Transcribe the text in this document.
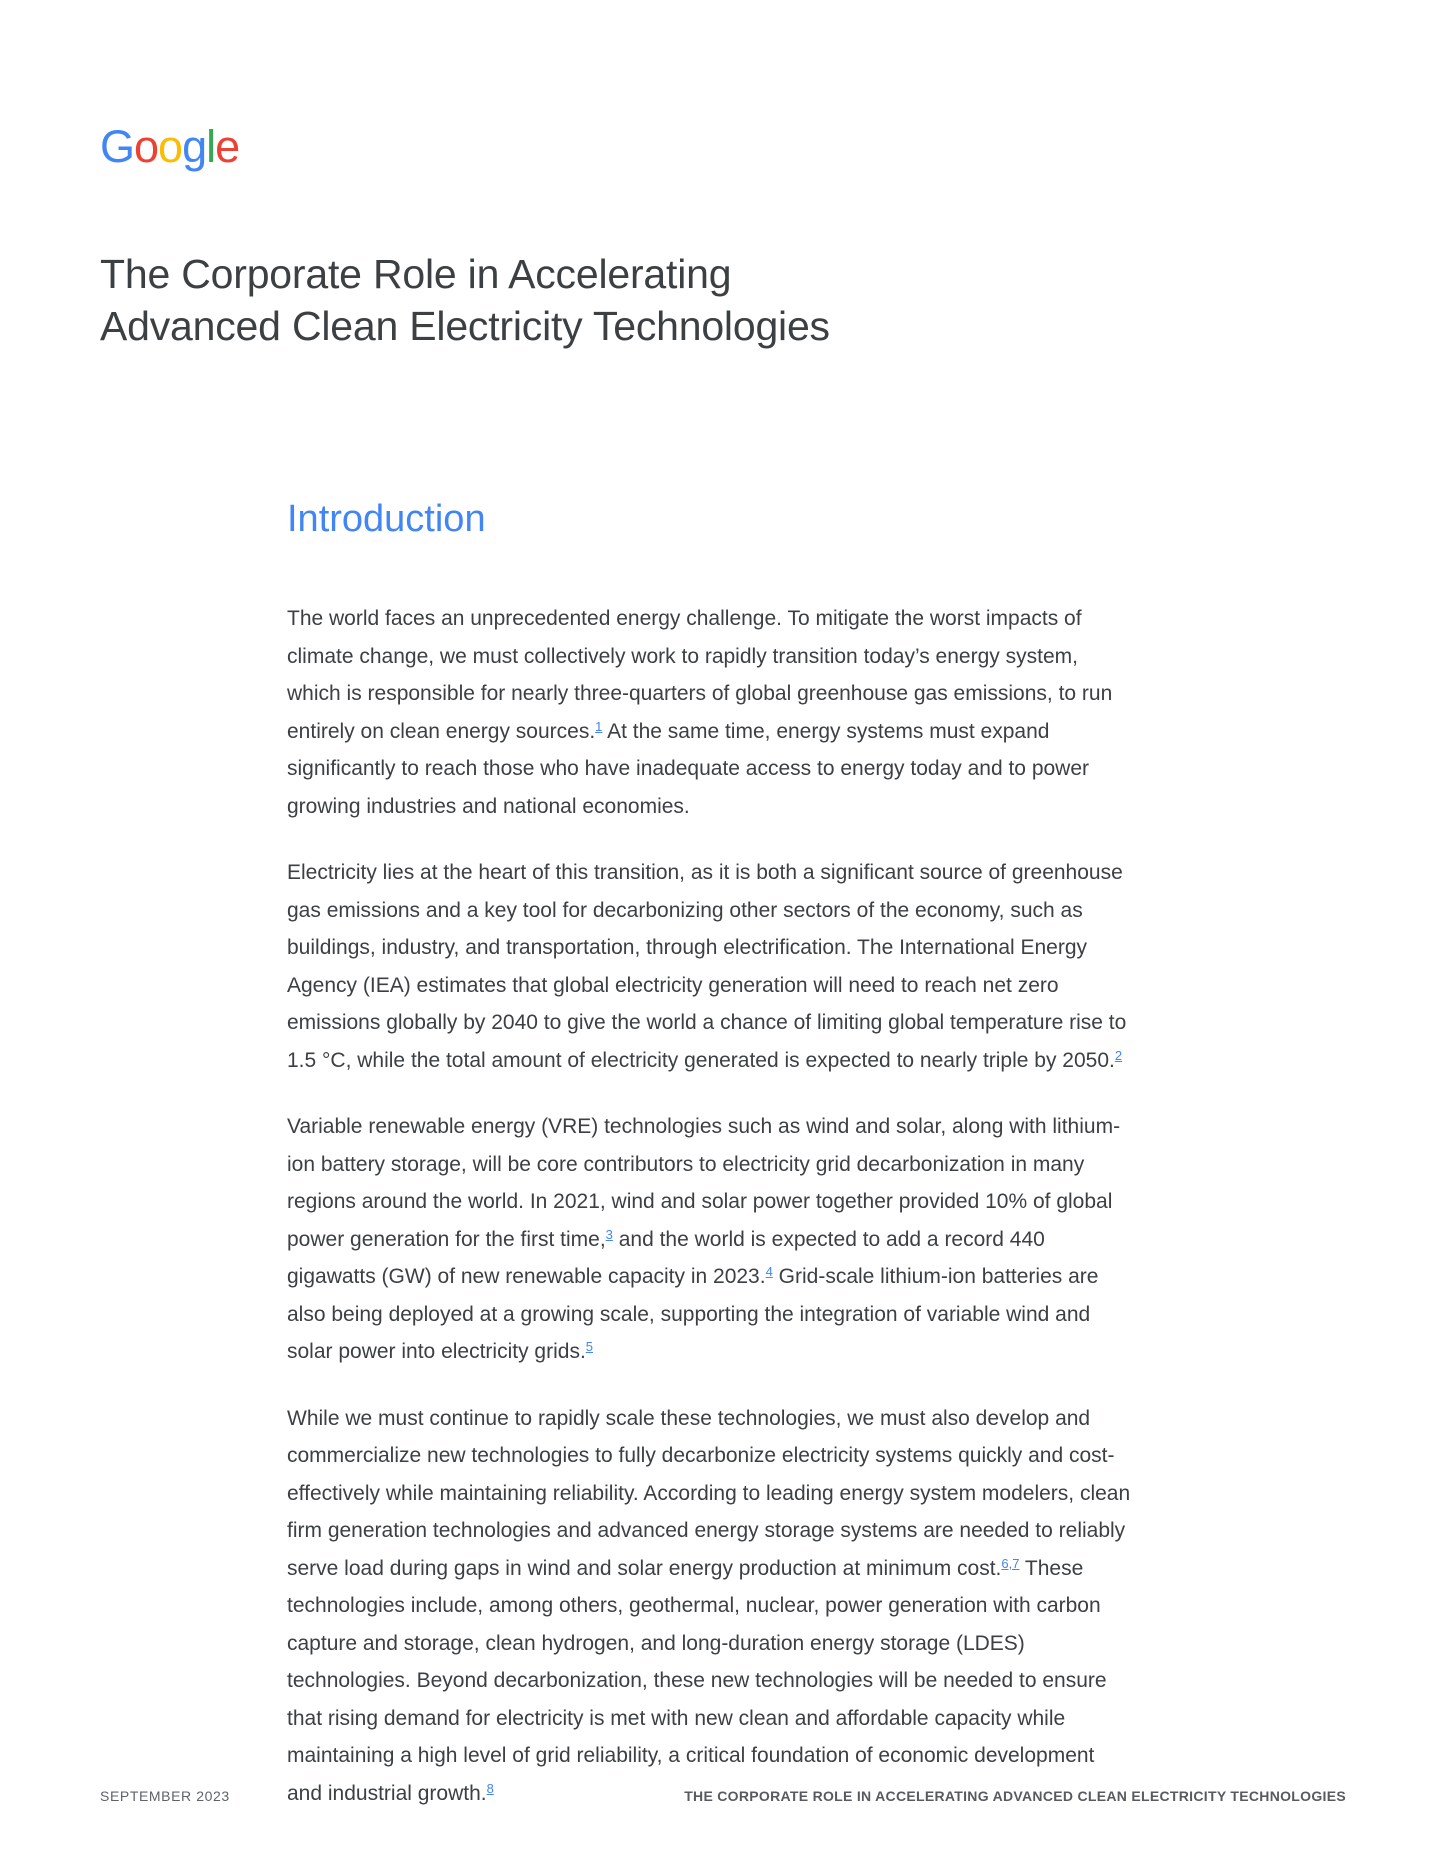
Google
The Corporate Role in Accelerating
Advanced Clean Electricity Technologies
Introduction

The world faces an unprecedented energy challenge. To mitigate the worst impacts of climate change, we must collectively work to rapidly transition today’s energy system, which is responsible for nearly three-quarters of global greenhouse gas emissions, to run entirely on clean energy sources.$^1$ At the same time, energy systems must expand significantly to reach those who have inadequate access to energy today and to power growing industries and national economies.

Electricity lies at the heart of this transition, as it is both a significant source of greenhouse gas emissions and a key tool for decarbonizing other sectors of the economy, such as buildings, industry, and transportation, through electrification. The International Energy Agency (IEA) estimates that global electricity generation will need to reach net zero emissions globally by 2040 to give the world a chance of limiting global temperature rise to 1.5 °C, while the total amount of electricity generated is expected to nearly triple by 2050.$^2$

Variable renewable energy (VRE) technologies such as wind and solar, along with lithium-ion battery storage, will be core contributors to electricity grid decarbonization in many regions around the world. In 2021, wind and solar power together provided 10% of global power generation for the first time,$^3$ and the world is expected to add a record 440 gigawatts (GW) of new renewable capacity in 2023.$^4$ Grid-scale lithium-ion batteries are also being deployed at a growing scale, supporting the integration of variable wind and solar power into electricity grids.$^5$

While we must continue to rapidly scale these technologies, we must also develop and commercialize new technologies to fully decarbonize electricity systems quickly and cost-effectively while maintaining reliability. According to leading energy system modelers, clean firm generation technologies and advanced energy storage systems are needed to reliably serve load during gaps in wind and solar energy production at minimum cost.$^{6,7}$ These technologies include, among others, geothermal, nuclear, power generation with carbon capture and storage, clean hydrogen, and long-duration energy storage (LDES) technologies. Beyond decarbonization, these new technologies will be needed to ensure that rising demand for electricity is met with new clean and affordable capacity while maintaining a high level of grid reliability, a critical foundation of economic development and industrial growth.$^8$

SEPTEMBER 2023	THE CORPORATE ROLE IN ACCELERATING ADVANCED CLEAN ELECTRICITY TECHNOLOGIES
